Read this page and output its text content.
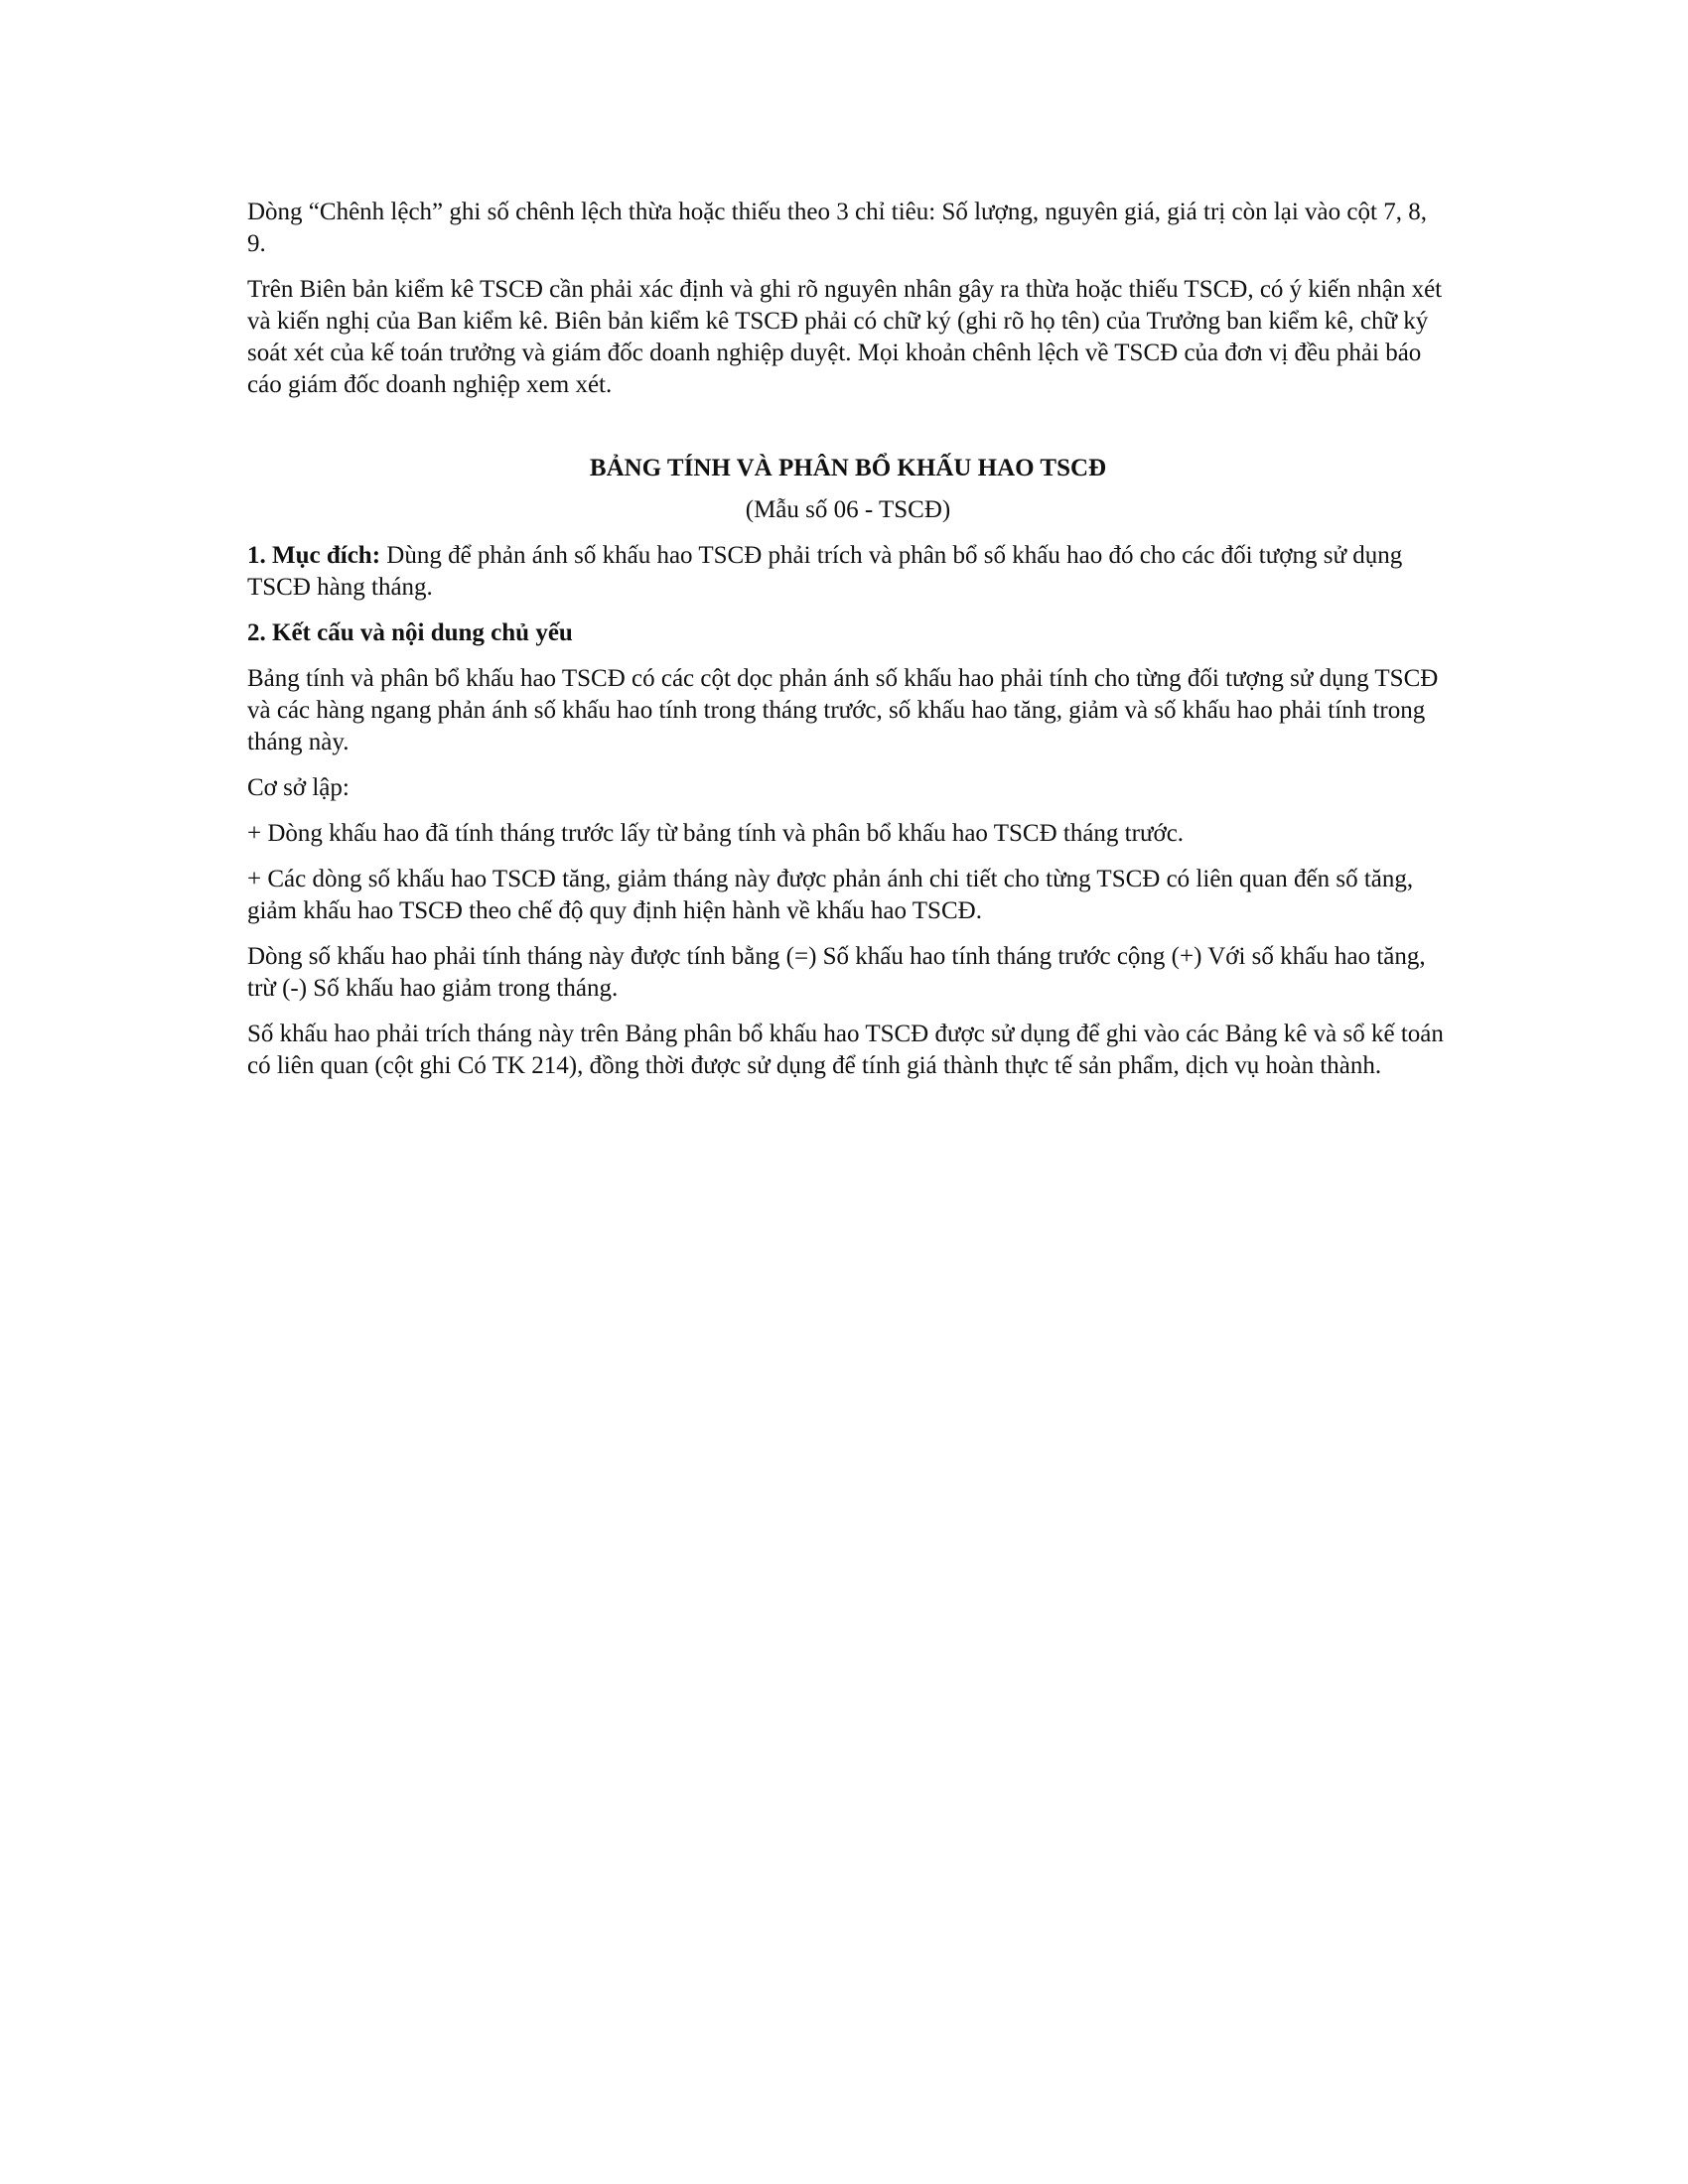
Dòng “Chênh lệch” ghi số chênh lệch thừa hoặc thiếu theo 3 chỉ tiêu: Số lượng, nguyên giá, giá trị còn lại vào cột 7, 8, 9.

Trên Biên bản kiểm kê TSCĐ cần phải xác định và ghi rõ nguyên nhân gây ra thừa hoặc thiếu TSCĐ, có ý kiến nhận xét và kiến nghị của Ban kiểm kê. Biên bản kiểm kê TSCĐ phải có chữ ký (ghi rõ họ tên) của Trưởng ban kiểm kê, chữ ký soát xét của kế toán trưởng và giám đốc doanh nghiệp duyệt. Mọi khoản chênh lệch về TSCĐ của đơn vị đều phải báo cáo giám đốc doanh nghiệp xem xét.

BẢNG TÍNH VÀ PHÂN BỔ KHẤU HAO TSCĐ

(Mẫu số 06 - TSCĐ)

1. Mục đích: Dùng để phản ánh số khấu hao TSCĐ phải trích và phân bổ số khấu hao đó cho các đối tượng sử dụng TSCĐ hàng tháng.

2. Kết cấu và nội dung chủ yếu

Bảng tính và phân bổ khấu hao TSCĐ có các cột dọc phản ánh số khấu hao phải tính cho từng đối tượng sử dụng TSCĐ và các hàng ngang phản ánh số khấu hao tính trong tháng trước, số khấu hao tăng, giảm và số khấu hao phải tính trong tháng này.

Cơ sở lập:

+ Dòng khấu hao đã tính tháng trước lấy từ bảng tính và phân bổ khấu hao TSCĐ tháng trước.

+ Các dòng số khấu hao TSCĐ tăng, giảm tháng này được phản ánh chi tiết cho từng TSCĐ có liên quan đến số tăng, giảm khấu hao TSCĐ theo chế độ quy định hiện hành về khấu hao TSCĐ.

Dòng số khấu hao phải tính tháng này được tính bằng (=) Số khấu hao tính tháng trước cộng (+) Với số khấu hao tăng, trừ (-) Số khấu hao giảm trong tháng.

Số khấu hao phải trích tháng này trên Bảng phân bổ khấu hao TSCĐ được sử dụng để ghi vào các Bảng kê và sổ kế toán có liên quan (cột ghi Có TK 214), đồng thời được sử dụng để tính giá thành thực tế sản phẩm, dịch vụ hoàn thành.
